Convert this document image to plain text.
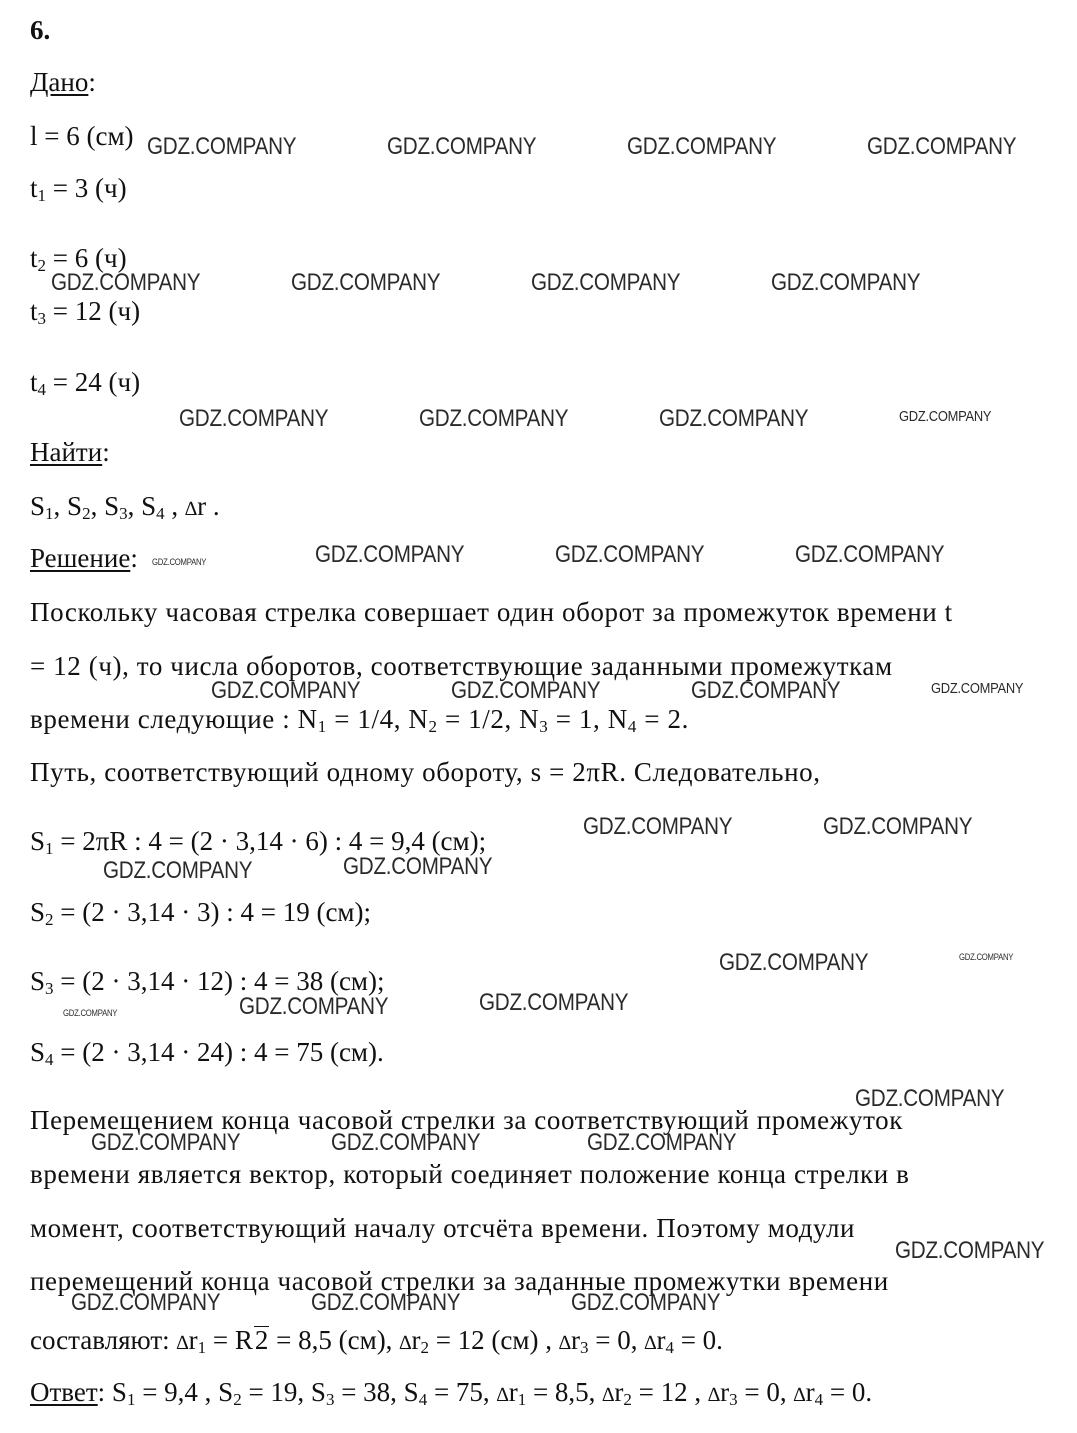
6.
Дано:
l = 6 (см)
$t_1 = 3$ (ч)
$t_2 = 6$ (ч)
$t_3 = 12$ (ч)
$t_4 = 24$ (ч)
Найти:
$S_1$, $S_2$, $S_3$, $S_4$ , ∆r .
Решение:
Поскольку часовая стрелка совершает один оборот за промежуток времени t
= 12 (ч), то числа оборотов, соответствующие заданными промежуткам
времени следующие : $N_1 = 1/4$, $N_2 = 1/2$, $N_3 = 1$, $N_4 = 2$.
Путь, соответствующий одному обороту, s = 2πR. Следовательно,
$S_1 = 2\pi R$ : 4 = (2 · 3,14 · 6) : 4 = 9,4 (см);
$S_2 = (2 \cdot 3,14 \cdot 3)$ : 4 = 19 (см);
$S_3 = (2 \cdot 3,14 \cdot 12)$ : 4 = 38 (см);
$S_4 = (2 \cdot 3,14 \cdot 24)$ : 4 = 75 (см).
Перемещением конца часовой стрелки за соответствующий промежуток
времени является вектор, который соединяет положение конца стрелки в
момент, соответствующий началу отсчёта времени. Поэтому модули
перемещений конца часовой стрелки за заданные промежутки времени
составляют: $\Delta r_1 = R2 = 8,5$ (см), $\Delta r_2 = 12$ (см) , $\Delta r_3 = 0$, $\Delta r_4 = 0$.
Ответ: $S_1 = 9,4$ , $S_2 = 19$, $S_3 = 38$, $S_4 = 75$, $\Delta r_1 = 8,5$, $\Delta r_2 = 12$ , $\Delta r_3 = 0$, $\Delta r_4 = 0$.
GDZ.COMPANY	GDZ.COMPANY	GDZ.COMPANY	GDZ.COMPANY
GDZ.COMPANY	GDZ.COMPANY	GDZ.COMPANY	GDZ.COMPANY
GDZ.COMPANY	GDZ.COMPANY	GDZ.COMPANY	GDZ.COMPANY
GDZ.COMPANY	GDZ.COMPANY	GDZ.COMPANY	GDZ.COMPANY
GDZ.COMPANY	GDZ.COMPANY	GDZ.COMPANY	GDZ.COMPANY
GDZ.COMPANY	GDZ.COMPANY
GDZ.COMPANY	GDZ.COMPANY
GDZ.COMPANY	GDZ.COMPANY
GDZ.COMPANY	GDZ.COMPANY
GDZ.COMPANY
GDZ.COMPANY
GDZ.COMPANY	GDZ.COMPANY	GDZ.COMPANY
GDZ.COMPANY
GDZ.COMPANY	GDZ.COMPANY	GDZ.COMPANY
